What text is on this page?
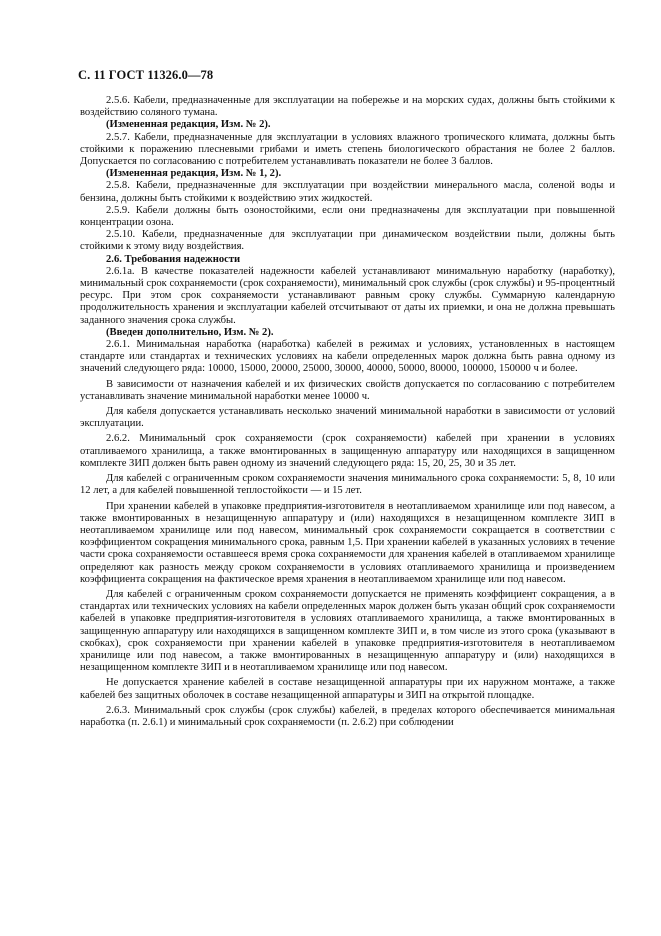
С. 11 ГОСТ 11326.0—78

2.5.6. Кабели, предназначенные для эксплуатации на побережье и на морских судах, должны быть стойкими к воздействию соляного тумана.

(Измененная редакция, Изм. № 2).

2.5.7. Кабели, предназначенные для эксплуатации в условиях влажного тропического климата, должны быть стойкими к поражению плесневыми грибами и иметь степень биологического обрастания не более 2 баллов. Допускается по согласованию с потребителем устанавливать показатели не более 3 баллов.

(Измененная редакция, Изм. № 1, 2).

2.5.8. Кабели, предназначенные для эксплуатации при воздействии минерального масла, соленой воды и бензина, должны быть стойкими к воздействию этих жидкостей.

2.5.9. Кабели должны быть озоностойкими, если они предназначены для эксплуатации при повышенной концентрации озона.

2.5.10. Кабели, предназначенные для эксплуатации при динамическом воздействии пыли, должны быть стойкими к этому виду воздействия.

2.6. Требования надежности

2.6.1а. В качестве показателей надежности кабелей устанавливают минимальную наработку (наработку), минимальный срок сохраняемости (срок сохраняемости), минимальный срок службы (срок службы) и 95-процентный ресурс. При этом срок сохраняемости устанавливают равным сроку службы. Суммарную календарную продолжительность хранения и эксплуатации кабелей отсчитывают от даты их приемки, и она не должна превышать заданного значения срока службы.

(Введен дополнительно, Изм. № 2).

2.6.1. Минимальная наработка (наработка) кабелей в режимах и условиях, установленных в настоящем стандарте или стандартах и технических условиях на кабели определенных марок должна быть равна одному из значений следующего ряда: 10000, 15000, 20000, 25000, 30000, 40000, 50000, 80000, 100000, 150000 ч и более.

В зависимости от назначения кабелей и их физических свойств допускается по согласованию с потребителем устанавливать значение минимальной наработки менее 10000 ч.

Для кабеля допускается устанавливать несколько значений минимальной наработки в зависимости от условий эксплуатации.

2.6.2. Минимальный срок сохраняемости (срок сохраняемости) кабелей при хранении в условиях отапливаемого хранилища, а также вмонтированных в защищенную аппаратуру или находящихся в защищенном комплекте ЗИП должен быть равен одному из значений следующего ряда: 15, 20, 25, 30 и 35 лет.

Для кабелей с ограниченным сроком сохраняемости значения минимального срока сохраняемости: 5, 8, 10 или 12 лет, а для кабелей повышенной теплостойкости — и 15 лет.

При хранении кабелей в упаковке предприятия-изготовителя в неотапливаемом хранилище или под навесом, а также вмонтированных в незащищенную аппаратуру и (или) находящихся в незащищенном комплекте ЗИП в неотапливаемом хранилище или под навесом, минимальный срок сохраняемости сокращается в соответствии с коэффициентом сокращения минимального срока, равным 1,5. При хранении кабелей в указанных условиях в течение части срока сохраняемости оставшееся время срока сохраняемости для хранения кабелей в отапливаемом хранилище определяют как разность между сроком сохраняемости в условиях отапливаемого хранилища и произведением коэффициента сокращения на фактическое время хранения в неотапливаемом хранилище или под навесом.

Для кабелей с ограниченным сроком сохраняемости допускается не применять коэффициент сокращения, а в стандартах или технических условиях на кабели определенных марок должен быть указан общий срок сохраняемости кабелей в упаковке предприятия-изготовителя в условиях отапливаемого хранилища, а также вмонтированных в защищенную аппаратуру или находящихся в защищенном комплекте ЗИП и, в том числе из этого срока (указывают в скобках), срок сохраняемости при хранении кабелей в упаковке предприятия-изготовителя в неотапливаемом хранилище или под навесом, а также вмонтированных в незащищенную аппаратуру и (или) находящихся в незащищенном комплекте ЗИП и в неотапливаемом хранилище или под навесом.

Не допускается хранение кабелей в составе незащищенной аппаратуры при их наружном монтаже, а также кабелей без защитных оболочек в составе незащищенной аппаратуры и ЗИП на открытой площадке.

2.6.3. Минимальный срок службы (срок службы) кабелей, в пределах которого обеспечивается минимальная наработка (п. 2.6.1) и минимальный срок сохраняемости (п. 2.6.2) при соблюдении
